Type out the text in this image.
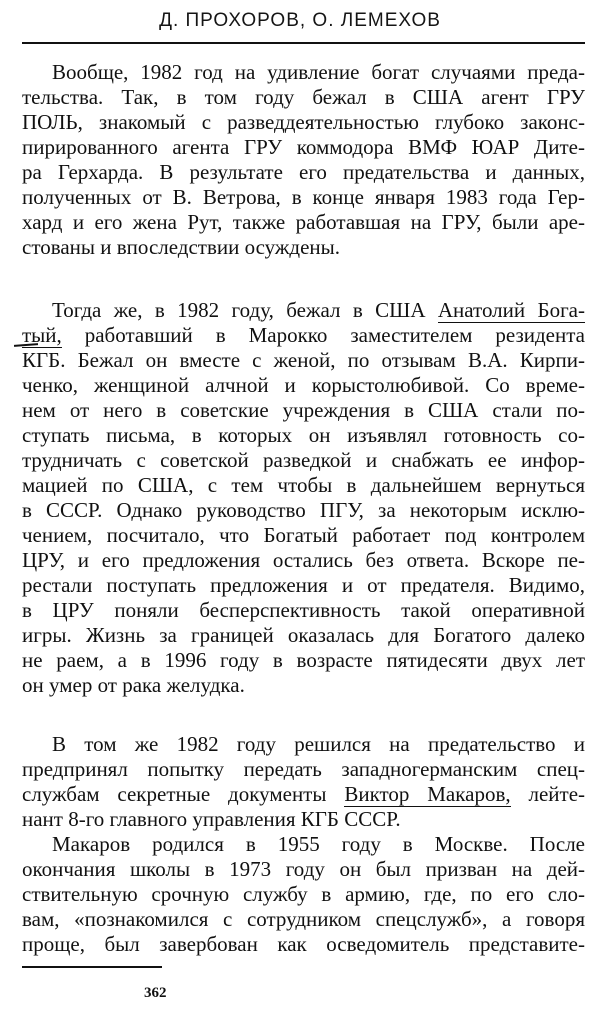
Д. ПРОХОРОВ, О. ЛЕМЕХОВ
Вообще, 1982 год на удивление богат случаями преда-
тельства. Так, в том году бежал в США агент ГРУ
ПОЛЬ, знакомый с разведдеятельностью глубоко законс-
пирированного агента ГРУ коммодора ВМФ ЮАР Дитe-
ра Герхарда. В результате его предательства и данных,
полученных от В. Ветрова, в конце января 1983 года Гер-
хард и его жена Рут, также работавшая на ГРУ, были аре-
стованы и впоследствии осуждены.
Тогда же, в 1982 году, бежал в США Анатолий Бога-
тый, работавший в Марокко заместителем резидента
КГБ. Бежал он вместе с женой, по отзывам В.А. Кирпи-
ченко, женщиной алчной и корыстолюбивой. Со време-
нем от него в советские учреждения в США стали по-
ступать письма, в которых он изъявлял готовность со-
трудничать с советской разведкой и снабжать ее инфор-
мацией по США, с тем чтобы в дальнейшем вернуться
в СССР. Однако руководство ПГУ, за некоторым исклю-
чением, посчитало, что Богатый работает под контролем
ЦРУ, и его предложения остались без ответа. Вскоре пе-
рестали поступать предложения и от предателя. Видимо,
в ЦРУ поняли бесперспективность такой оперативной
игры. Жизнь за границей оказалась для Богатого далеко
не раем, а в 1996 году в возрасте пятидесяти двух лет
он умер от рака желудка.
В том же 1982 году решился на предательство и
предпринял попытку передать западногерманским спец-
службам секретные документы Виктор Макаров, лейте-
нант 8-го главного управления КГБ СССР.
Макаров родился в 1955 году в Москве. После
окончания школы в 1973 году он был призван на дей-
ствительную срочную службу в армию, где, по его сло-
вам, «познакомился с сотрудником спецслужб», а говоря
проще, был завербован как осведомитель представите-
362
